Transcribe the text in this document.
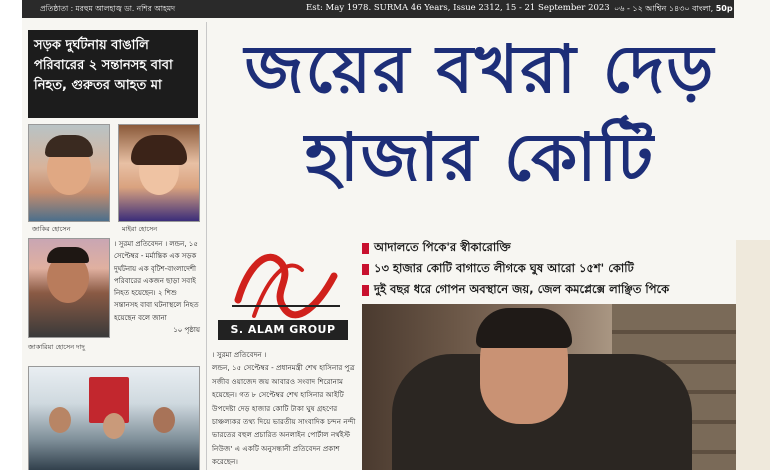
প্রতিষ্ঠাতা : মরহুম আলহাজ্ব ডা. নশির আহমদ	Est: May 1978. SURMA 46 Years, Issue 2312, 15 - 21 September 2023 ০৬ - ১২ আশ্বিন ১৪৩০ বাংলা, 50p
সড়ক দুর্ঘটনায় বাঙালি পরিবারের ২ সন্তানসহ বাবা নিহত, গুরুতর আহত মা
জাকির হোসেন	মাইরা হোসেন
জাকারিয়া হোসেন দাদু
। সুরমা প্রতিবেদন । লন্ডন, ১৫ সেপ্টেম্বর - মর্মান্তিক এক সড়ক দুর্ঘটনায় এক বৃটিশ-বাংলাদেশী পরিবারের একজন ছাড়া সবাই নিহত হয়েছেন। ২ শিশু সন্তানসহ বাবা ঘটনাস্থলে নিহত হয়েছেন বলে জানা
১০ পৃষ্ঠায়
জয়ের বখরা দেড় হাজার কোটি
S. ALAM GROUP
আদালতে পিকে'র স্বীকারোক্তি
১৩ হাজার কোটি বাগাতে লীগকে ঘুষ আরো ১৫শ' কোটি
দুই বছর ধরে গোপন অবস্থানে জয়, জেল কমপ্লেক্সে লাঞ্ছিত পিকে
। সুরমা প্রতিবেদন ।
লন্ডন, ১৫ সেপ্টেম্বর - প্রধানমন্ত্রী শেখ হাসিনার পুত্র সজীব ওয়াজেদ জয় আবারও সংবাদ শিরোনাম হয়েছেন। গত ৮ সেপ্টেম্বর শেখ হাসিনার আইটি উপদেষ্টা দেড় হাজার কোটি টাকা ঘুষ গ্রহণের চাঞ্চল্যকর তথ্য দিয়ে ভারতীয় সাংবাদিক চন্দন নন্দী ভারতের বহুল প্রচারিত অনলাইন পোর্টাল নর্থইস্ট নিউজ' এ একটি অনুসন্ধানী প্রতিবেদন প্রকাশ করেছেন।
